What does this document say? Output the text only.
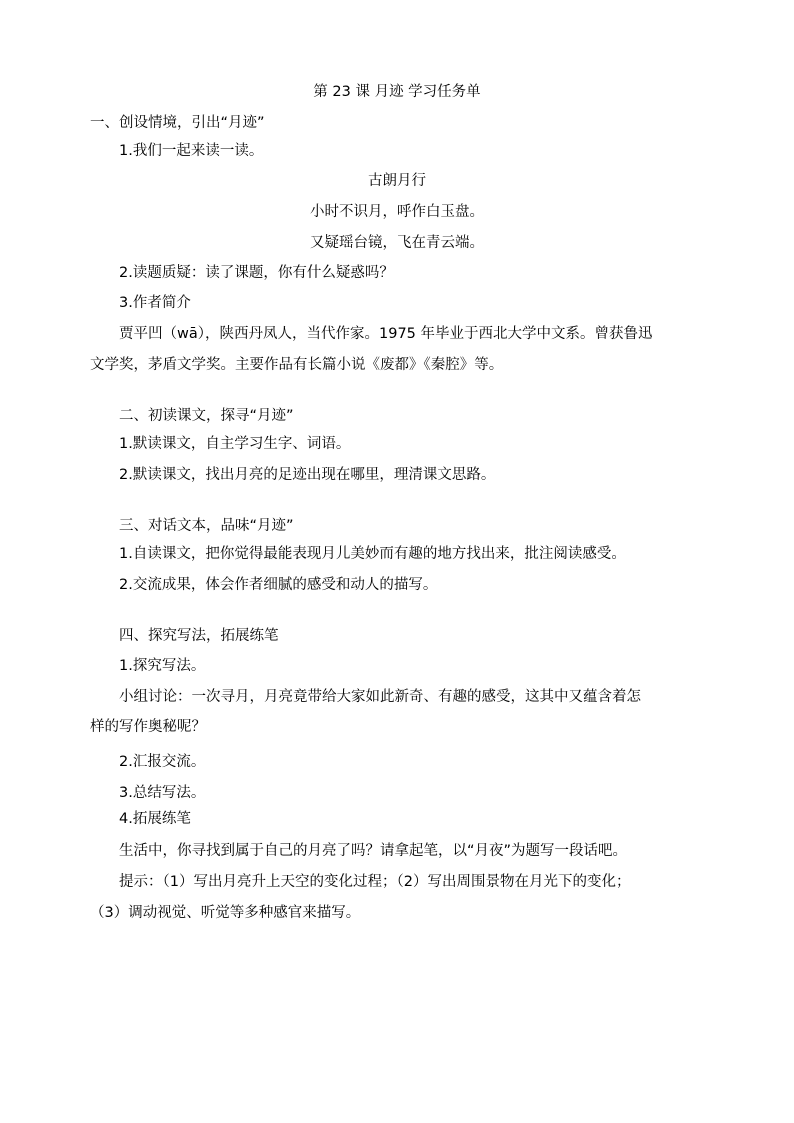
第 23 课 月迹 学习任务单
一、创设情境，引出“月迹”
1.我们一起来读一读。
古朗月行
小时不识月，呼作白玉盘。
又疑瑶台镜，飞在青云端。
2.读题质疑：读了课题，你有什么疑惑吗？
3.作者简介
贾平凹（wā），陕西丹凤人，当代作家。1975 年毕业于西北大学中文系。曾获鲁迅
文学奖，茅盾文学奖。主要作品有长篇小说《废都》《秦腔》等。
二、初读课文，探寻“月迹”
1.默读课文，自主学习生字、词语。
2.默读课文，找出月亮的足迹出现在哪里，理清课文思路。
三、对话文本，品味“月迹”
1.自读课文，把你觉得最能表现月儿美妙而有趣的地方找出来，批注阅读感受。
2.交流成果，体会作者细腻的感受和动人的描写。
四、探究写法，拓展练笔
1.探究写法。
小组讨论：一次寻月，月亮竟带给大家如此新奇、有趣的感受，这其中又蕴含着怎
样的写作奥秘呢？
2.汇报交流。
3.总结写法。
4.拓展练笔
生活中，你寻找到属于自己的月亮了吗？请拿起笔，以“月夜”为题写一段话吧。
提示：（1）写出月亮升上天空的变化过程；（2）写出周围景物在月光下的变化；
（3）调动视觉、听觉等多种感官来描写。
